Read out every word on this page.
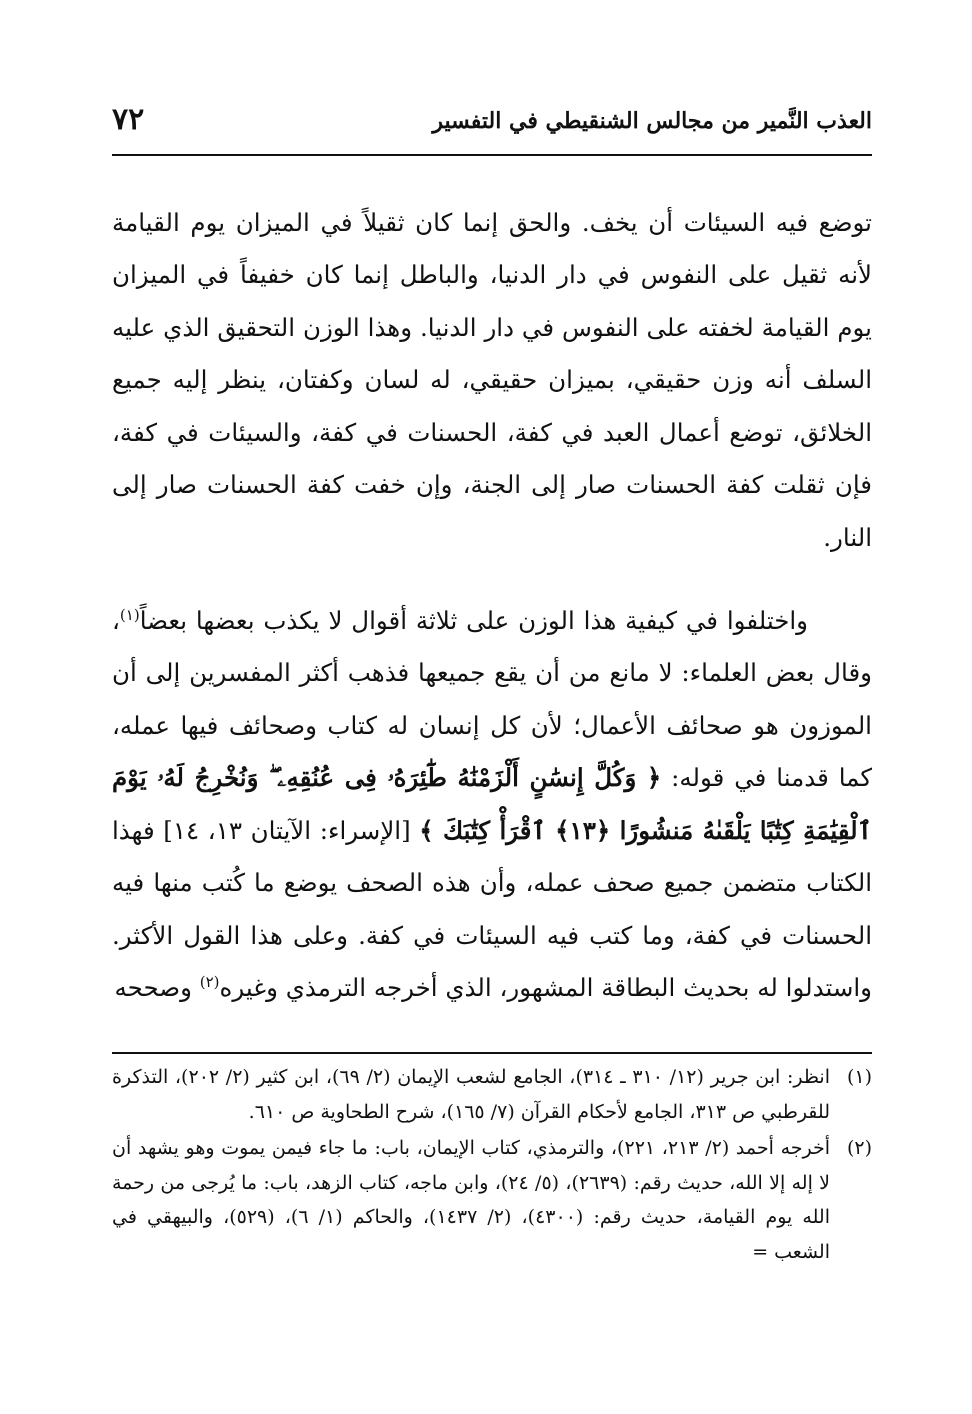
العذب النَّمير من مجالس الشنقيطي في التفسير
٧٢

توضع فيه السيئات أن يخف. والحق إنما كان ثقيلاً في الميزان يوم القيامة لأنه ثقيل على النفوس في دار الدنيا، والباطل إنما كان خفيفاً في الميزان يوم القيامة لخفته على النفوس في دار الدنيا. وهذا الوزن التحقيق الذي عليه السلف أنه وزن حقيقي، بميزان حقيقي، له لسان وكفتان، ينظر إليه جميع الخلائق، توضع أعمال العبد في كفة، الحسنات في كفة، والسيئات في كفة، فإن ثقلت كفة الحسنات صار إلى الجنة، وإن خفت كفة الحسنات صار إلى النار.

واختلفوا في كيفية هذا الوزن على ثلاثة أقوال لا يكذب بعضها بعضاً$^{(١)}$، وقال بعض العلماء: لا مانع من أن يقع جميعها فذهب أكثر المفسرين إلى أن الموزون هو صحائف الأعمال؛ لأن كل إنسان له كتاب وصحائف فيها عمله، كما قدمنا في قوله: ﴿ وَكُلَّ إِنسَٰنٍ أَلْزَمْنَٰهُ طَٰٓئِرَهُۥ فِى عُنُقِهِۦ ۖ وَنُخْرِجُ لَهُۥ يَوْمَ ٱلْقِيَٰمَةِ كِتَٰبًا يَلْقَىٰهُ مَنشُورًا ﴿١٣﴾ ٱقْرَأْ كِتَٰبَكَ ﴾ [الإسراء: الآيتان ١٣، ١٤] فهذا الكتاب متضمن جميع صحف عمله، وأن هذه الصحف يوضع ما كُتب منها فيه الحسنات في كفة، وما كتب فيه السيئات في كفة. وعلى هذا القول الأكثر. واستدلوا له بحديث البطاقة المشهور، الذي أخرجه الترمذي وغيره$^{(٢)}$ وصححه

(١)
انظر: ابن جرير (١٢/ ٣١٠ ـ ٣١٤)، الجامع لشعب الإيمان (٢/ ٦٩)، ابن كثير (٢/ ٢٠٢)، التذكرة للقرطبي ص ٣١٣، الجامع لأحكام القرآن (٧/ ١٦٥)، شرح الطحاوية ص ٦١٠.
(٢)
أخرجه أحمد (٢/ ٢١٣، ٢٢١)، والترمذي، كتاب الإيمان، باب: ما جاء فيمن يموت وهو يشهد أن لا إله إلا الله، حديث رقم: (٢٦٣٩)، (٥/ ٢٤)، وابن ماجه، كتاب الزهد، باب: ما يُرجى من رحمة الله يوم القيامة، حديث رقم: (٤٣٠٠)، (٢/ ١٤٣٧)، والحاكم (١/ ٦)، (٥٢٩)، والبيهقي في الشعب =
